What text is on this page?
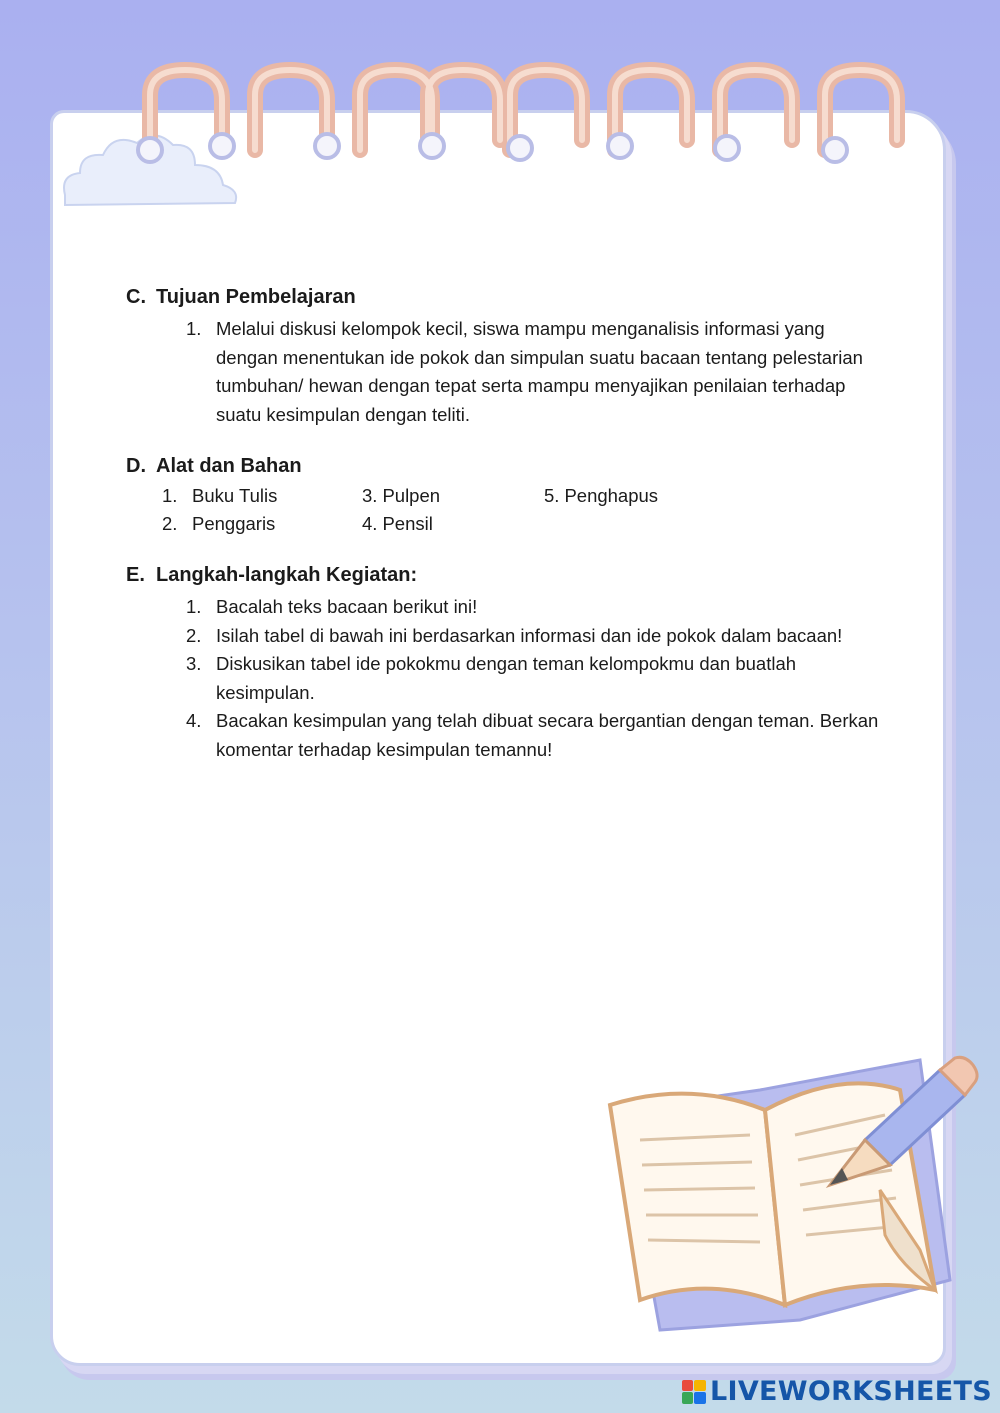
C. Tujuan Pembelajaran
1. Melalui diskusi kelompok kecil, siswa mampu menganalisis informasi yang
dengan menentukan ide pokok dan simpulan suatu bacaan tentang pelestarian
tumbuhan/ hewan dengan tepat serta mampu menyajikan penilaian terhadap
suatu kesimpulan dengan teliti.
D. Alat dan Bahan
1. Buku Tulis	3. Pulpen	5. Penghapus
2. Penggaris	4. Pensil
E. Langkah-langkah Kegiatan:
1. Bacalah teks bacaan berikut ini!
2. Isilah tabel di bawah ini berdasarkan informasi dan ide pokok dalam bacaan!
3. Diskusikan tabel ide pokokmu dengan teman kelompokmu dan buatlah
kesimpulan.
4. Bacakan kesimpulan yang telah dibuat secara bergantian dengan teman. Berkan
komentar terhadap kesimpulan temannu!
LIVEWORKSHEETS
